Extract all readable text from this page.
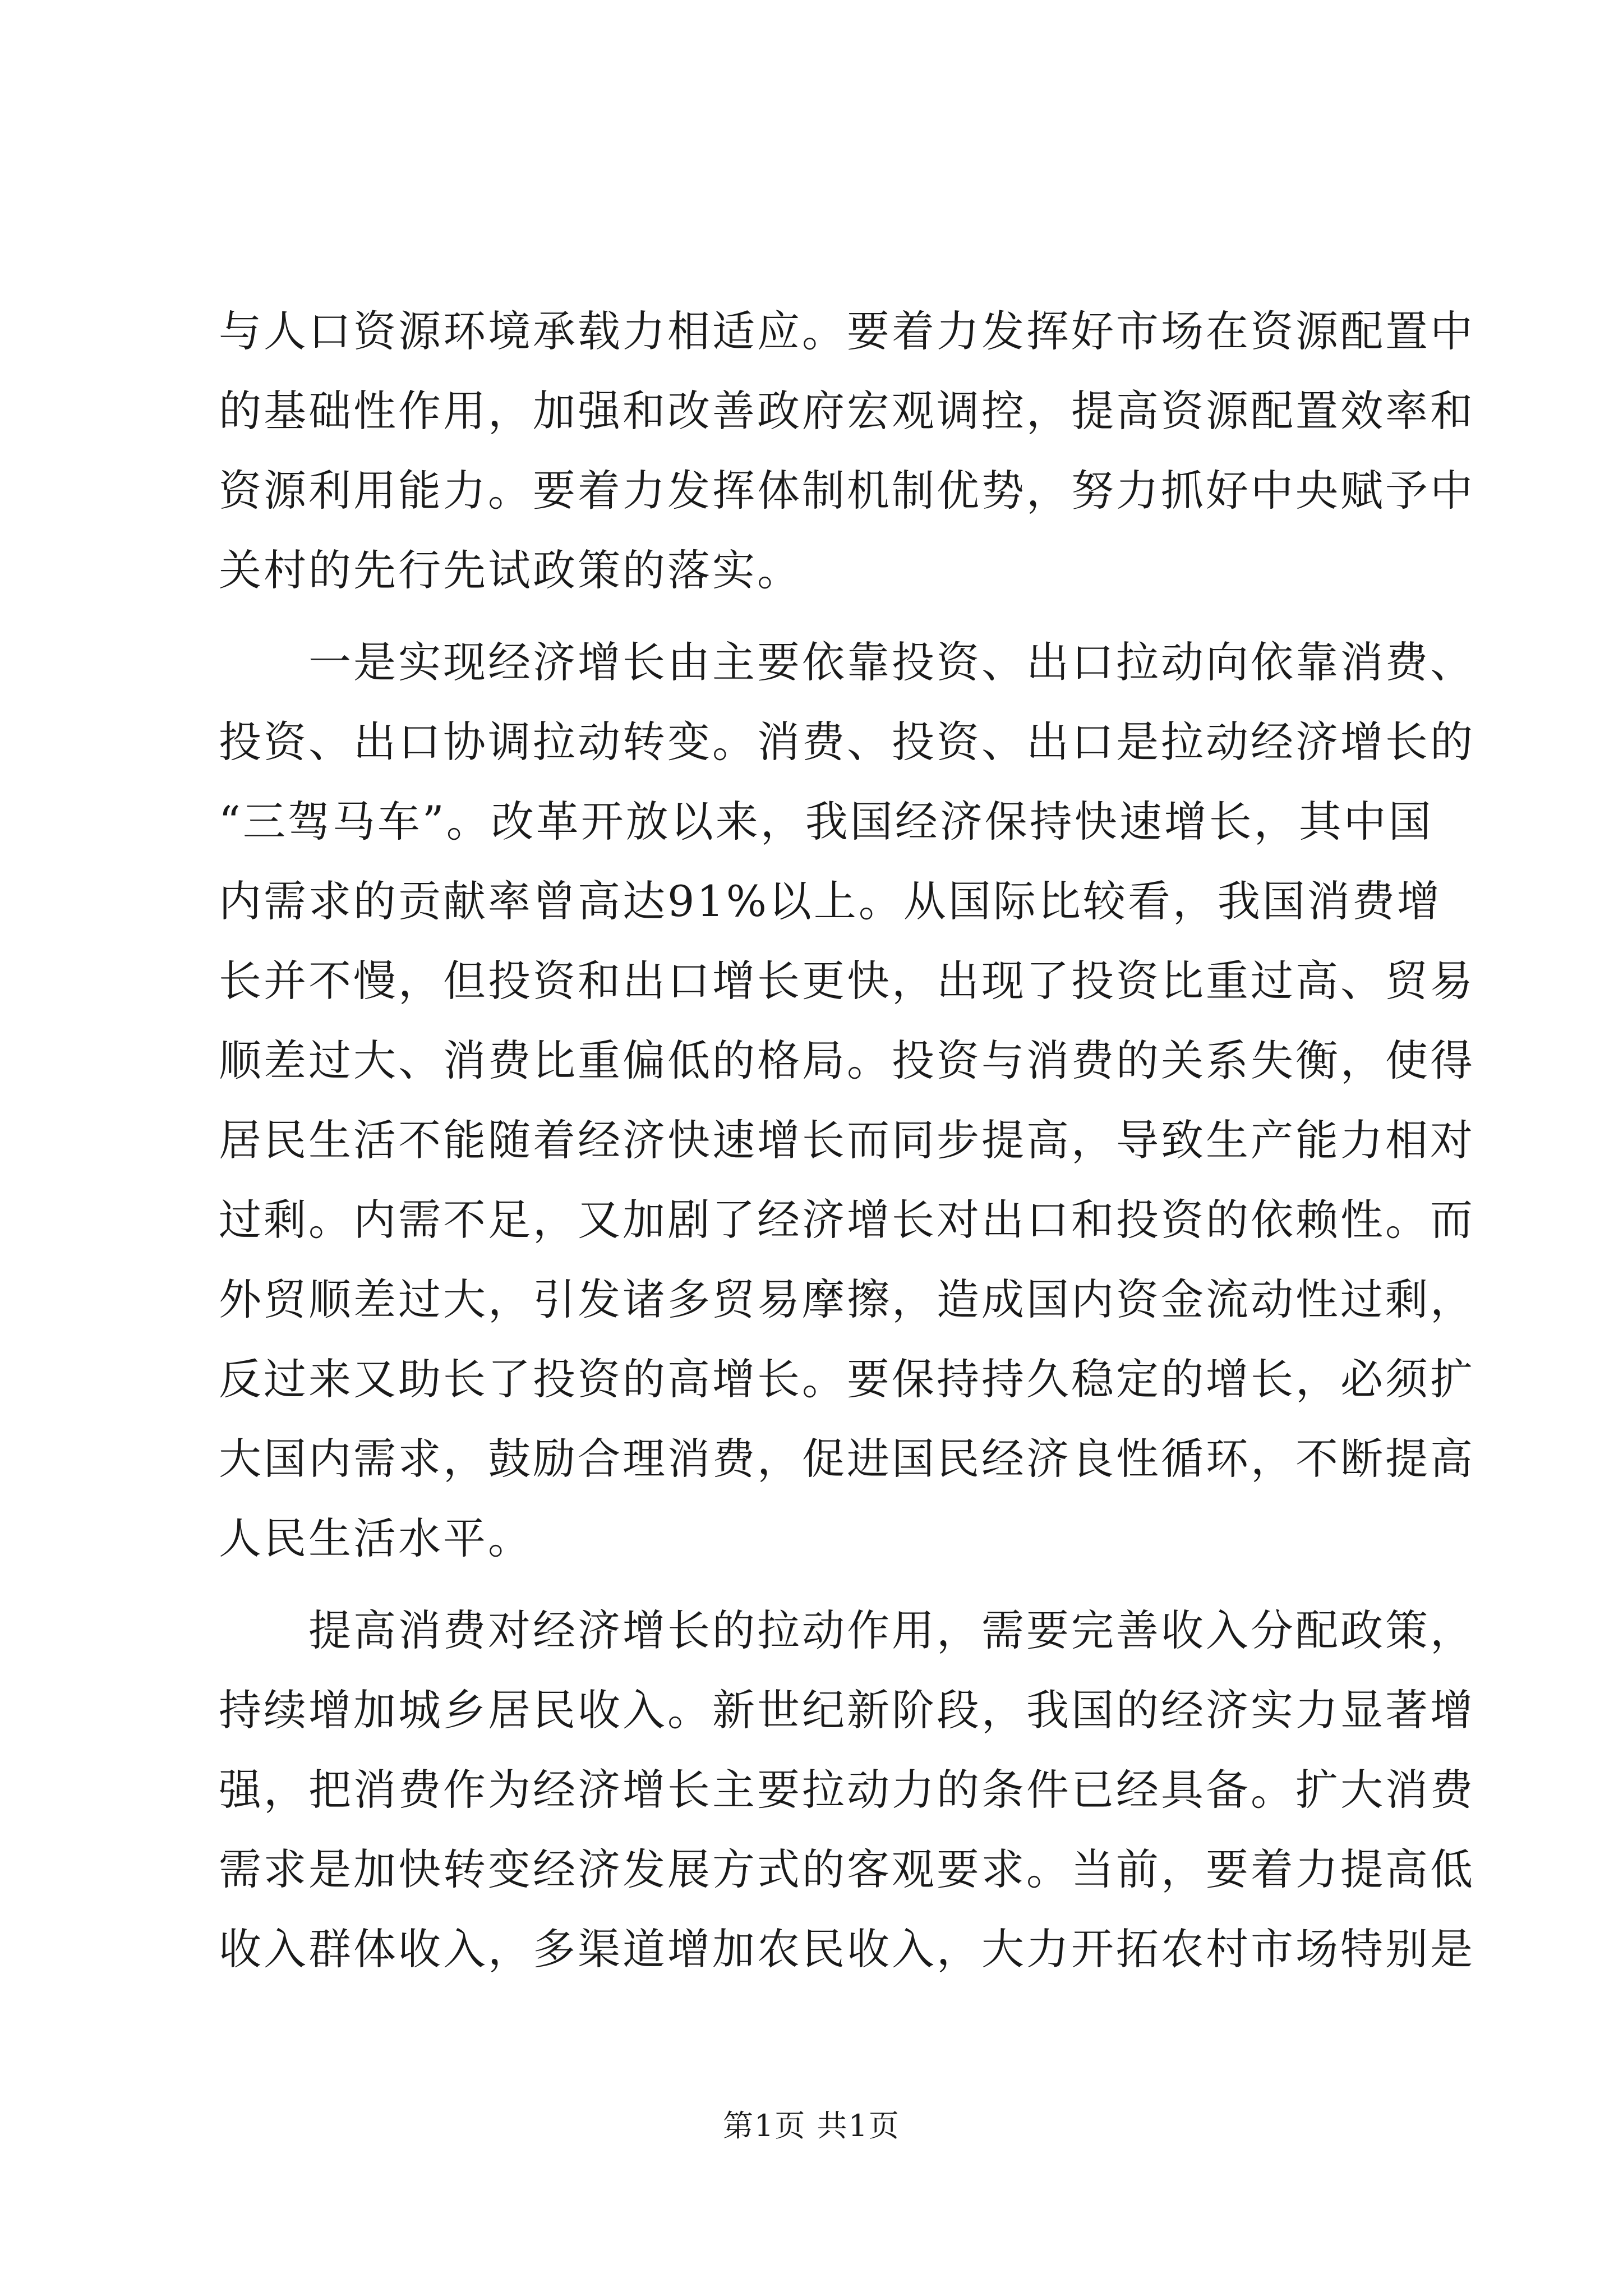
与人口资源环境承载力相适应。要着力发挥好市场在资源配置中
的基础性作用，加强和改善政府宏观调控，提高资源配置效率和
资源利用能力。要着力发挥体制机制优势，努力抓好中央赋予中
关村的先行先试政策的落实。
一是实现经济增长由主要依靠投资、出口拉动向依靠消费、
投资、出口协调拉动转变。消费、投资、出口是拉动经济增长的
“三驾马车”。改革开放以来，我国经济保持快速增长，其中国
内需求的贡献率曾高达91%以上。从国际比较看，我国消费增
长并不慢，但投资和出口增长更快，出现了投资比重过高、贸易
顺差过大、消费比重偏低的格局。投资与消费的关系失衡，使得
居民生活不能随着经济快速增长而同步提高，导致生产能力相对
过剩。内需不足，又加剧了经济增长对出口和投资的依赖性。而
外贸顺差过大，引发诸多贸易摩擦，造成国内资金流动性过剩，
反过来又助长了投资的高增长。要保持持久稳定的增长，必须扩
大国内需求，鼓励合理消费，促进国民经济良性循环，不断提高
人民生活水平。
提高消费对经济增长的拉动作用，需要完善收入分配政策，
持续增加城乡居民收入。新世纪新阶段，我国的经济实力显著增
强，把消费作为经济增长主要拉动力的条件已经具备。扩大消费
需求是加快转变经济发展方式的客观要求。当前，要着力提高低
收入群体收入，多渠道增加农民收入，大力开拓农村市场特别是
第1页 共1页
